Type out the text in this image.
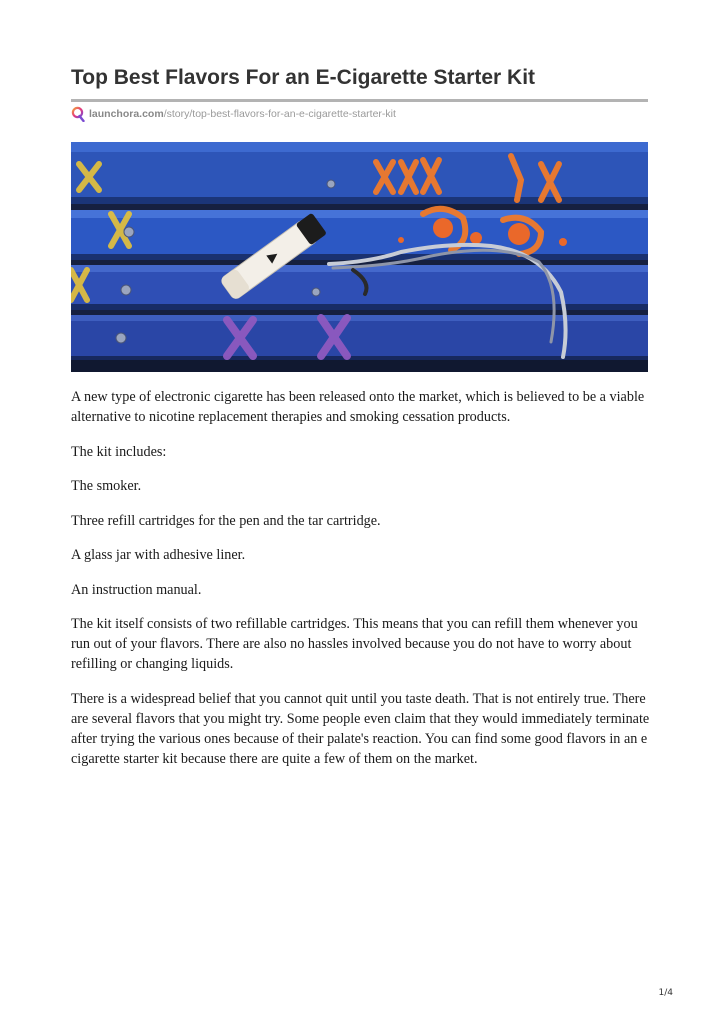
Top Best Flavors For an E-Cigarette Starter Kit
launchora.com /story/top-best-flavors-for-an-e-cigarette-starter-kit

A new type of electronic cigarette has been released onto the market, which is believed to be a viable alternative to nicotine replacement therapies and smoking cessation products.

The kit includes:

The smoker.

Three refill cartridges for the pen and the tar cartridge.

A glass jar with adhesive liner.

An instruction manual.

The kit itself consists of two refillable cartridges. This means that you can refill them whenever you run out of your flavors. There are also no hassles involved because you do not have to worry about refilling or changing liquids.

There is a widespread belief that you cannot quit until you taste death. That is not entirely true. There are several flavors that you might try. Some people even claim that they would immediately terminate after trying the various ones because of their palate's reaction. You can find some good flavors in an e cigarette starter kit because there are quite a few of them on the market.

1/4
